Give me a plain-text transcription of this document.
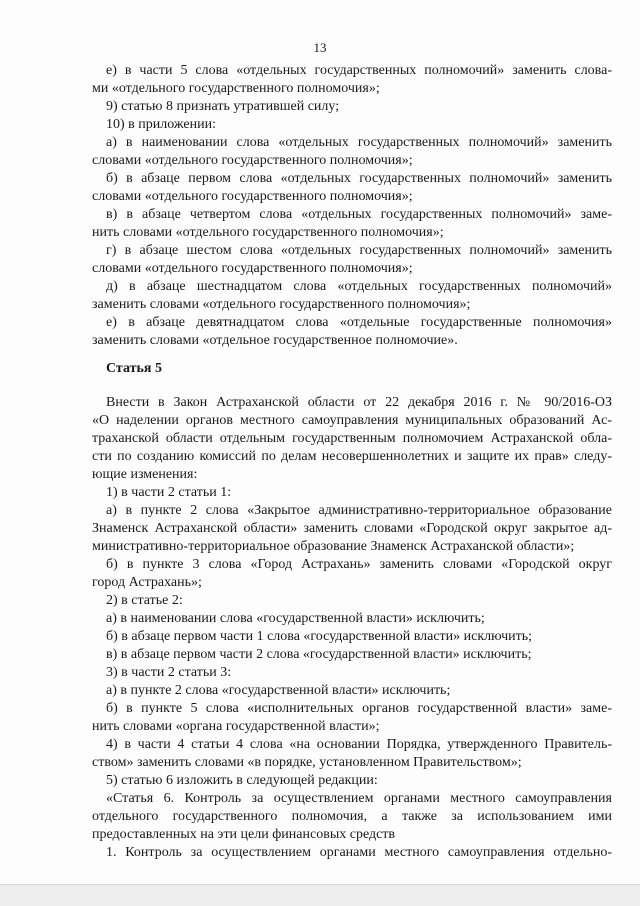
13
е) в части 5 слова «отдельных государственных полномочий» заменить слова-
ми «отдельного государственного полномочия»;
9) статью 8 признать утратившей силу;
10) в приложении:
а) в наименовании слова «отдельных государственных полномочий» заменить
словами «отдельного государственного полномочия»;
б) в абзаце первом слова «отдельных государственных полномочий» заменить
словами «отдельного государственного полномочия»;
в) в абзаце четвертом слова «отдельных государственных полномочий» заме-
нить словами «отдельного государственного полномочия»;
г) в абзаце шестом слова «отдельных государственных полномочий» заменить
словами «отдельного государственного полномочия»;
д) в абзаце шестнадцатом слова «отдельных государственных полномочий»
заменить словами «отдельного государственного полномочия»;
е) в абзаце девятнадцатом слова «отдельные государственные полномочия»
заменить словами «отдельное государственное полномочие».
Статья 5
Внести в Закон Астраханской области от 22 декабря 2016 г. № 90/2016-ОЗ
«О наделении органов местного самоуправления муниципальных образований Ас-
траханской области отдельным государственным полномочием Астраханской обла-
сти по созданию комиссий по делам несовершеннолетних и защите их прав» следу-
ющие изменения:
1) в части 2 статьи 1:
а) в пункте 2 слова «Закрытое административно-территориальное образование
Знаменск Астраханской области» заменить словами «Городской округ закрытое ад-
министративно-территориальное образование Знаменск Астраханской области»;
б) в пункте 3 слова «Город Астрахань» заменить словами «Городской округ
город Астрахань»;
2) в статье 2:
а) в наименовании слова «государственной власти» исключить;
б) в абзаце первом части 1 слова «государственной власти» исключить;
в) в абзаце первом части 2 слова «государственной власти» исключить;
3) в части 2 статьи 3:
а) в пункте 2 слова «государственной власти» исключить;
б) в пункте 5 слова «исполнительных органов государственной власти» заме-
нить словами «органа государственной власти»;
4) в части 4 статьи 4 слова «на основании Порядка, утвержденного Правитель-
ством» заменить словами «в порядке, установленном Правительством»;
5) статью 6 изложить в следующей редакции:
«Статья 6. Контроль за осуществлением органами местного самоуправления
отдельного государственного полномочия, а также за использованием ими
предоставленных на эти цели финансовых средств
1. Контроль за осуществлением органами местного самоуправления отдельно-
